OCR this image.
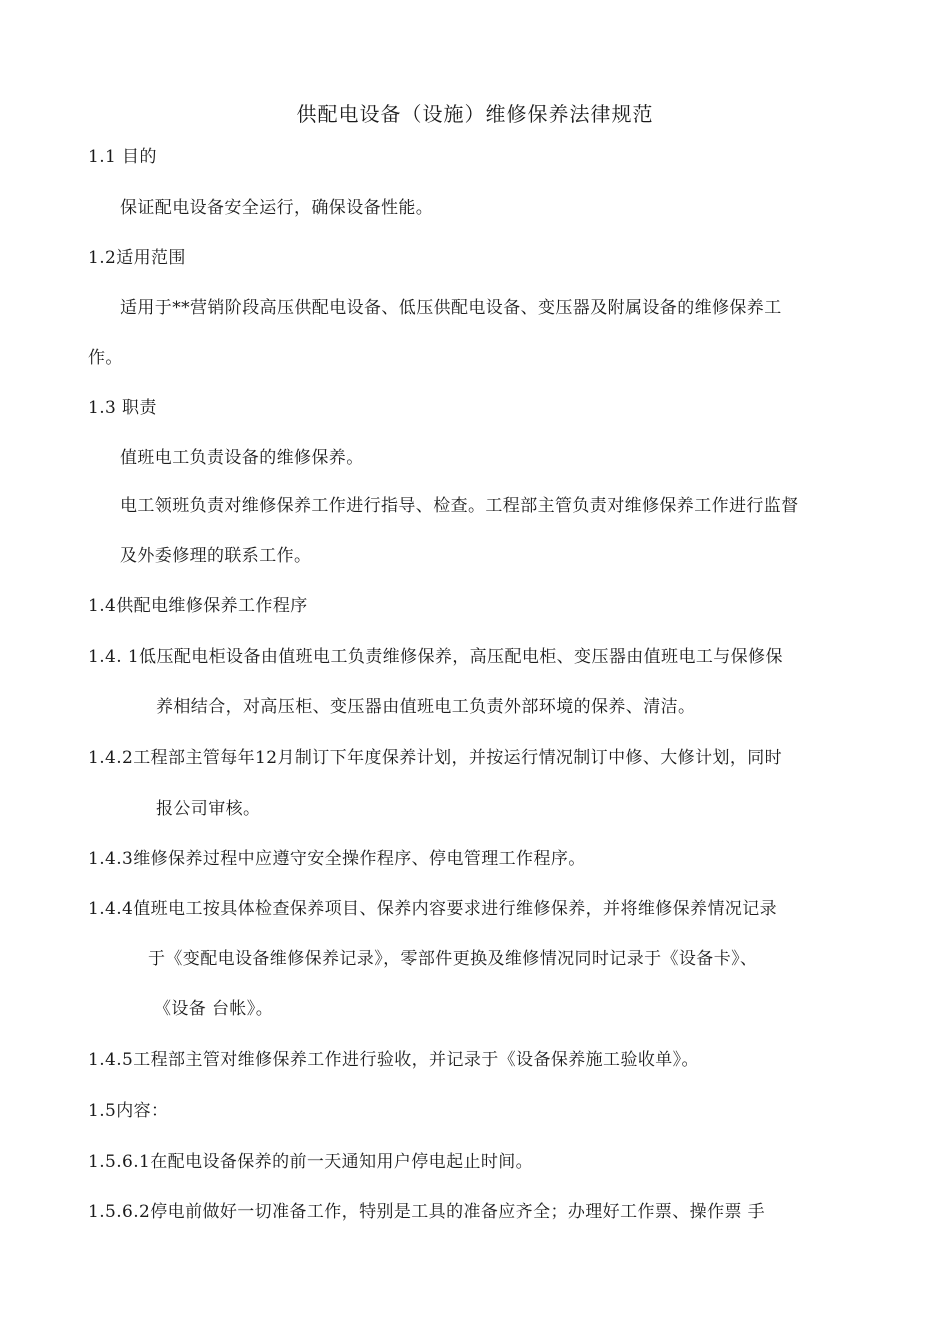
供配电设备（设施）维修保养法律规范
1.1 目的
保证配电设备安全运行，确保设备性能。
1.2适用范围
适用于**营销阶段高压供配电设备、低压供配电设备、变压器及附属设备的维修保养工
作。
1.3 职责
值班电工负责设备的维修保养。
电工领班负责对维修保养工作进行指导、检查。工程部主管负责对维修保养工作进行监督
及外委修理的联系工作。
1.4供配电维修保养工作程序
1.4. 1低压配电柜设备由值班电工负责维修保养，高压配电柜、变压器由值班电工与保修保
养相结合，对高压柜、变压器由值班电工负责外部环境的保养、清洁。
1.4.2工程部主管每年12月制订下年度保养计划，并按运行情况制订中修、大修计划，同时
报公司审核。
1.4.3维修保养过程中应遵守安全操作程序、停电管理工作程序。
1.4.4值班电工按具体检查保养项目、保养内容要求进行维修保养，并将维修保养情况记录
于《变配电设备维修保养记录》，零部件更换及维修情况同时记录于《设备卡》、
《设备 台帐》。
1.4.5工程部主管对维修保养工作进行验收，并记录于《设备保养施工验收单》。
1.5内容：
1.5.6.1在配电设备保养的前一天通知用户停电起止时间。
1.5.6.2停电前做好一切准备工作，特别是工具的准备应齐全；办理好工作票、操作票 手
